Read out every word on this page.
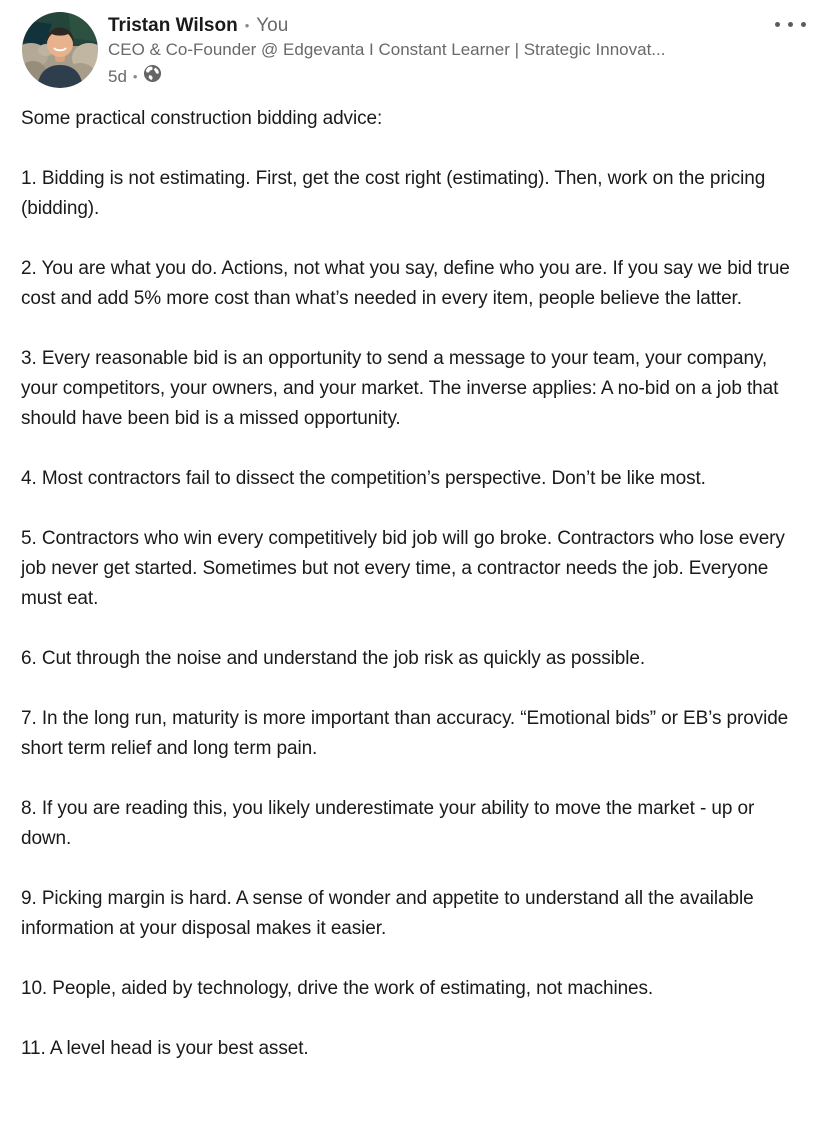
Tristan Wilson • You
CEO & Co-Founder @ Edgevanta I Constant Learner | Strategic Innovat...
5d •

Some practical construction bidding advice:

1. Bidding is not estimating. First, get the cost right (estimating). Then, work on the pricing (bidding).

2. You are what you do. Actions, not what you say, define who you are. If you say we bid true cost and add 5% more cost than what’s needed in every item, people believe the latter.

3. Every reasonable bid is an opportunity to send a message to your team, your company, your competitors, your owners, and your market. The inverse applies: A no-bid on a job that should have been bid is a missed opportunity.

4. Most contractors fail to dissect the competition’s perspective. Don’t be like most.

5. Contractors who win every competitively bid job will go broke. Contractors who lose every job never get started. Sometimes but not every time, a contractor needs the job. Everyone must eat.

6. Cut through the noise and understand the job risk as quickly as possible.

7. In the long run, maturity is more important than accuracy. “Emotional bids” or EB’s provide short term relief and long term pain.

8. If you are reading this, you likely underestimate your ability to move the market - up or down.

9. Picking margin is hard. A sense of wonder and appetite to understand all the available information at your disposal makes it easier.

10. People, aided by technology, drive the work of estimating, not machines.

11. A level head is your best asset.
